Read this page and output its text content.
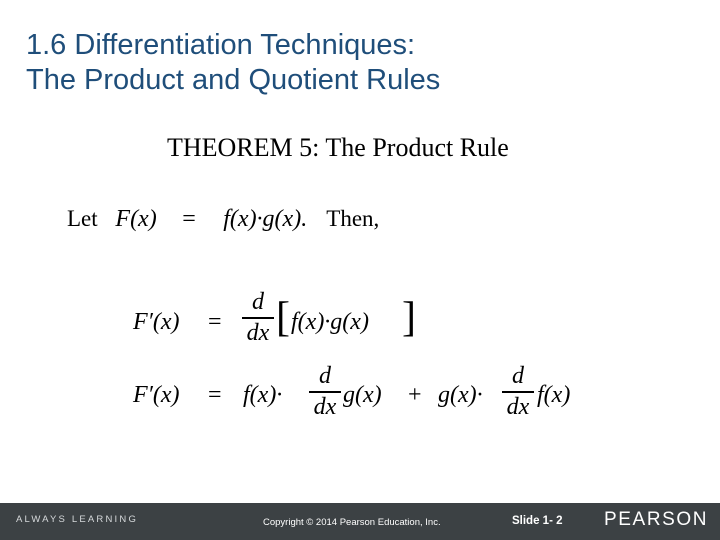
1.6 Differentiation Techniques:
The Product and Quotient Rules
THEOREM 5: The Product Rule
Let F(x) = f(x)·g(x). Then,
F′(x) =
d
dx [ f(x)·g(x) ]
F′(x) = f(x)·
d
dx g(x) + g(x)·
d
dx f(x)
ALWAYS LEARNING	Copyright © 2014 Pearson Education, Inc.	Slide 1- 2 PEARSON
